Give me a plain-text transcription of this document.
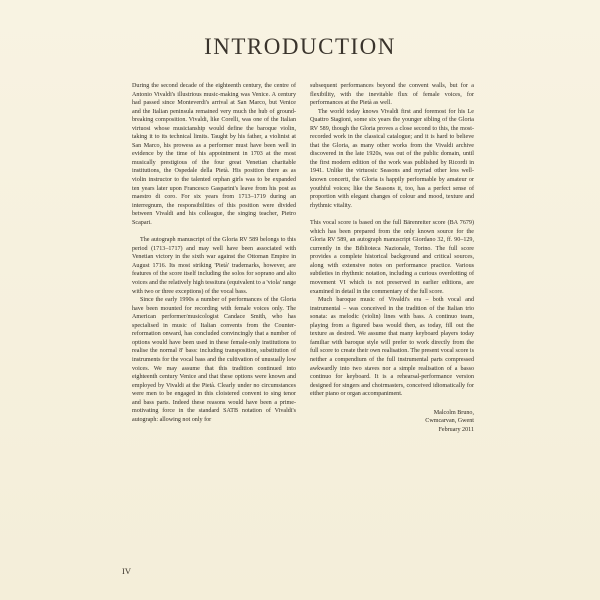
INTRODUCTION

During the second decade of the eighteenth century, the centre of Antonio Vivaldi's illustrious music-making was Venice. A century had passed since Monteverdi's arrival at San Marco, but Venice and the Italian peninsula remained very much the hub of ground-breaking composition. Vivaldi, like Corelli, was one of the Italian virtuosi whose musicianship would define the baroque violin, taking it to its technical limits. Taught by his father, a violinist at San Marco, his prowess as a performer must have been well in evidence by the time of his appointment in 1703 at the most musically prestigious of the four great Venetian charitable institutions, the Ospedale della Pietà. His position there as as violin instructor to the talented orphan girls was to be expanded ten years later upon Francesco Gasparini's leave from his post as maestro di coro. For six years from 1713–1719 during an interregnum, the responsibilities of this position were divided between Vivaldi and his colleague, the singing teacher, Pietro Scapari.

The autograph manuscript of the Gloria RV 589 belongs to this period (1713–1717) and may well have been associated with Venetian victory in the sixth war against the Ottoman Empire in August 1716. Its most striking 'Pietà' trademarks, however, are features of the score itself including the solos for soprano and alto voices and the relatively high tessitura (equivalent to a 'viola' range with two or three exceptions) of the vocal bass.

Since the early 1990s a number of performances of the Gloria have been mounted for recording with female voices only. The American performer/musicologist Candace Smith, who has specialised in music of Italian convents from the Counter-reformation onward, has concluded convincingly that a number of options would have been used in these female-only institutions to realise the normal 8' bass: including transposition, substitution of instruments for the vocal bass and the cultivation of unusually low voices. We may assume that this tradition continued into eighteenth century Venice and that these options were known and employed by Vivaldi at the Pietà. Clearly under no circumstances were men to be engaged in this cloistered convent to sing tenor and bass parts. Indeed these reasons would have been a prime-motivating force in the standard SATB notation of Vivaldi's autograph: allowing not only for

subsequent performances beyond the convent walls, but for a flexibility, with the inevitable flux of female voices, for performances at the Pietà as well.

The world today knows Vivaldi first and foremost for his Le Quattro Stagioni, some six years the younger sibling of the Gloria RV 589, though the Gloria proves a close second to this, the most-recorded work in the classical catalogue; and it is hard to believe that the Gloria, as many other works from the Vivaldi archive discovered in the late 1920s, was out of the public domain, until the first modern edition of the work was published by Ricordi in 1941. Unlike the virtuosic Seasons and myriad other less well-known concerti, the Gloria is happily performable by amateur or youthful voices; like the Seasons it, too, has a perfect sense of proportion with elegant changes of colour and mood, texture and rhythmic vitality.

This vocal score is based on the full Bärenreiter score (BA 7679) which has been prepared from the only known source for the Gloria RV 589, an autograph manuscript Giordano 32, ff. 90–129, currently in the Biblioteca Nazionale, Torino. The full score provides a complete historical background and critical sources, along with extensive notes on performance practice. Various subtleties in rhythmic notation, including a curious overdotting of movement VI which is not preserved in earlier editions, are examined in detail in the commentary of the full score.

Much baroque music of Vivaldi's era – both vocal and instrumental – was conceived in the tradition of the Italian trio sonata: as melodic (violin) lines with bass. A continuo team, playing from a figured bass would then, as today, fill out the texture as desired. We assume that many keyboard players today familiar with baroque style will prefer to work directly from the full score to create their own realisation. The present vocal score is neither a compendium of the full instrumental parts compressed awkwardly into two staves nor a simple realisation of a basso continuo for keyboard. It is a rehearsal-performance version designed for singers and choirmasters, conceived idiomatically for either piano or organ accompaniment.

Malcolm Bruno,
Cwmcarvan, Gwent
February 2011
IV
